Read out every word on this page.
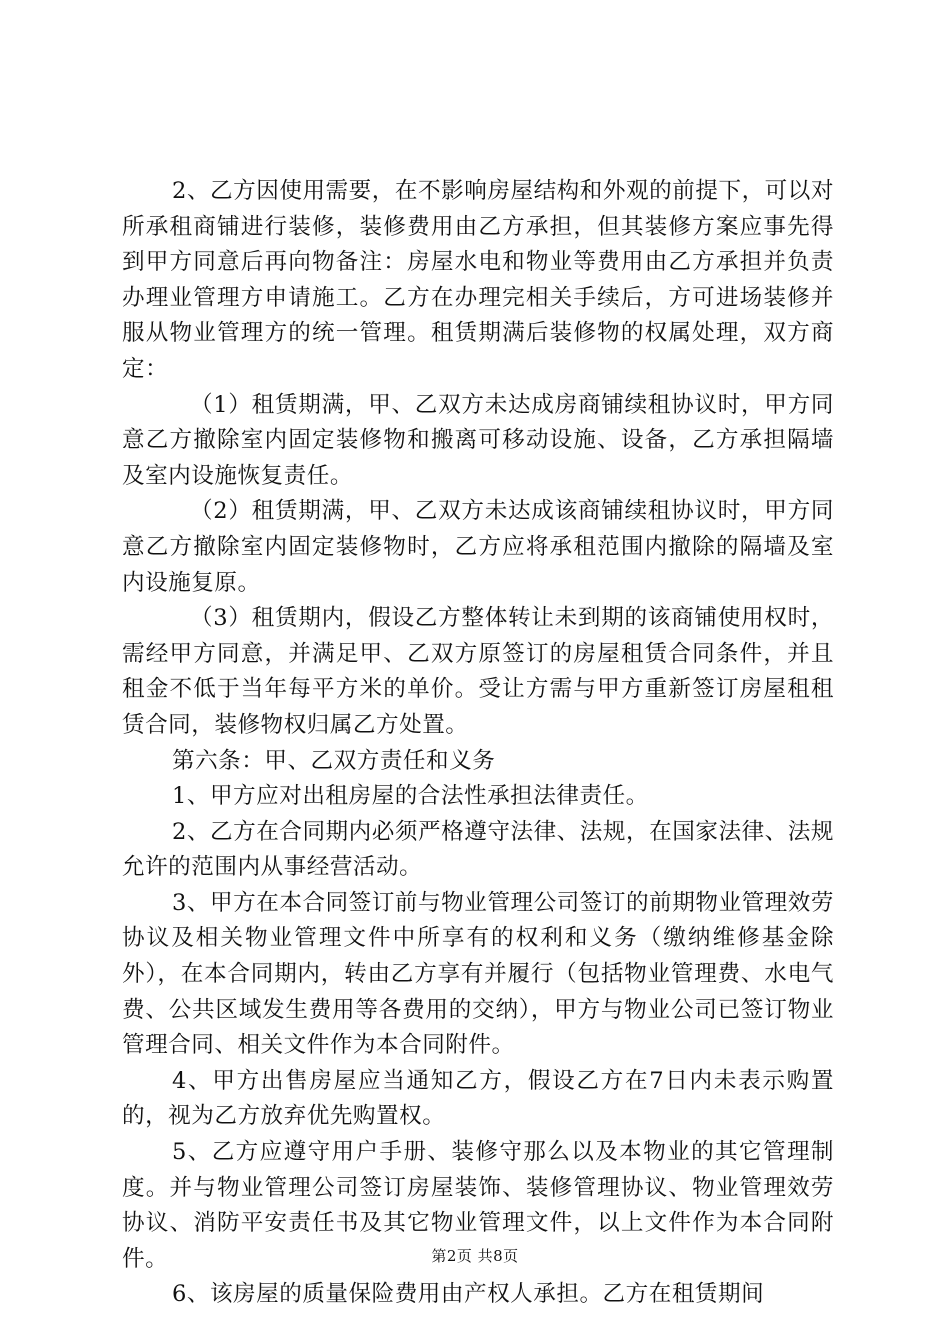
2、乙方因使用需要，在不影响房屋结构和外观的前提下，可以对所承租商铺进行装修，装修费用由乙方承担，但其装修方案应事先得到甲方同意后再向物备注：房屋水电和物业等费用由乙方承担并负责办理业管理方申请施工。乙方在办理完相关手续后，方可进场装修并服从物业管理方的统一管理。租赁期满后装修物的权属处理，双方商定：

（1）租赁期满，甲、乙双方未达成房商铺续租协议时，甲方同意乙方撤除室内固定装修物和搬离可移动设施、设备，乙方承担隔墙及室内设施恢复责任。

（2）租赁期满，甲、乙双方未达成该商铺续租协议时，甲方同意乙方撤除室内固定装修物时，乙方应将承租范围内撤除的隔墙及室内设施复原。

（3）租赁期内，假设乙方整体转让未到期的该商铺使用权时，需经甲方同意，并满足甲、乙双方原签订的房屋租赁合同条件，并且租金不低于当年每平方米的单价。受让方需与甲方重新签订房屋租租赁合同，装修物权归属乙方处置。

第六条：甲、乙双方责任和义务

1、甲方应对出租房屋的合法性承担法律责任。

2、乙方在合同期内必须严格遵守法律、法规，在国家法律、法规允许的范围内从事经营活动。

3、甲方在本合同签订前与物业管理公司签订的前期物业管理效劳协议及相关物业管理文件中所享有的权利和义务（缴纳维修基金除外），在本合同期内，转由乙方享有并履行（包括物业管理费、水电气费、公共区域发生费用等各费用的交纳），甲方与物业公司已签订物业管理合同、相关文件作为本合同附件。

4、甲方出售房屋应当通知乙方，假设乙方在7日内未表示购置的，视为乙方放弃优先购置权。

5、乙方应遵守用户手册、装修守那么以及本物业的其它管理制度。并与物业管理公司签订房屋装饰、装修管理协议、物业管理效劳协议、消防平安责任书及其它物业管理文件，以上文件作为本合同附件。

6、该房屋的质量保险费用由产权人承担。乙方在租赁期间

第2页 共8页
